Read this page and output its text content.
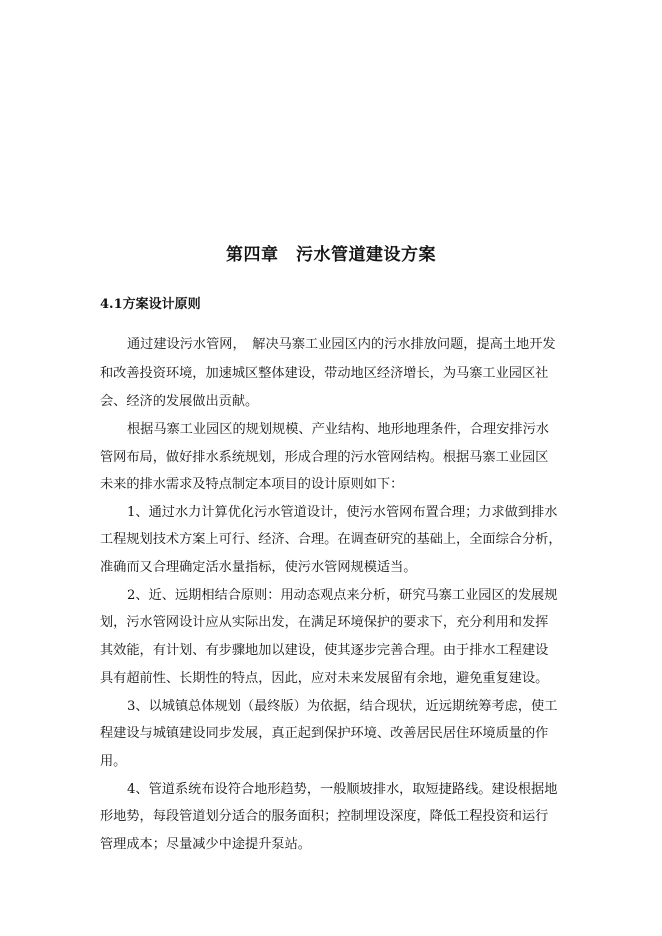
第四章　污水管道建设方案
4.1方案设计原则
通过建设污水管网，　解决马寨工业园区内的污水排放问题，提高土地开发
和改善投资环境，加速城区整体建设，带动地区经济增长，为马寨工业园区社
会、经济的发展做出贡献。
根据马寨工业园区的规划规模、产业结构、地形地理条件，合理安排污水
管网布局，做好排水系统规划，形成合理的污水管网结构。根据马寨工业园区
未来的排水需求及特点制定本项目的设计原则如下：
1、通过水力计算优化污水管道设计，使污水管网布置合理；力求做到排水
工程规划技术方案上可行、经济、合理。在调查研究的基础上，全面综合分析，
准确而又合理确定活水量指标，使污水管网规模适当。
2、近、远期相结合原则：用动态观点来分析，研究马寨工业园区的发展规
划，污水管网设计应从实际出发，在满足环境保护的要求下，充分利用和发挥
其效能，有计划、有步骤地加以建设，使其逐步完善合理。由于排水工程建设
具有超前性、长期性的特点，因此，应对未来发展留有余地，避免重复建设。
3、以城镇总体规划（最终版）为依据，结合现状，近远期统筹考虑，使工
程建设与城镇建设同步发展，真正起到保护环境、改善居民居住环境质量的作
用。
4、管道系统布设符合地形趋势，一般顺坡排水，取短捷路线。建设根据地
形地势，每段管道划分适合的服务面积；控制埋设深度，降低工程投资和运行
管理成本；尽量减少中途提升泵站。
